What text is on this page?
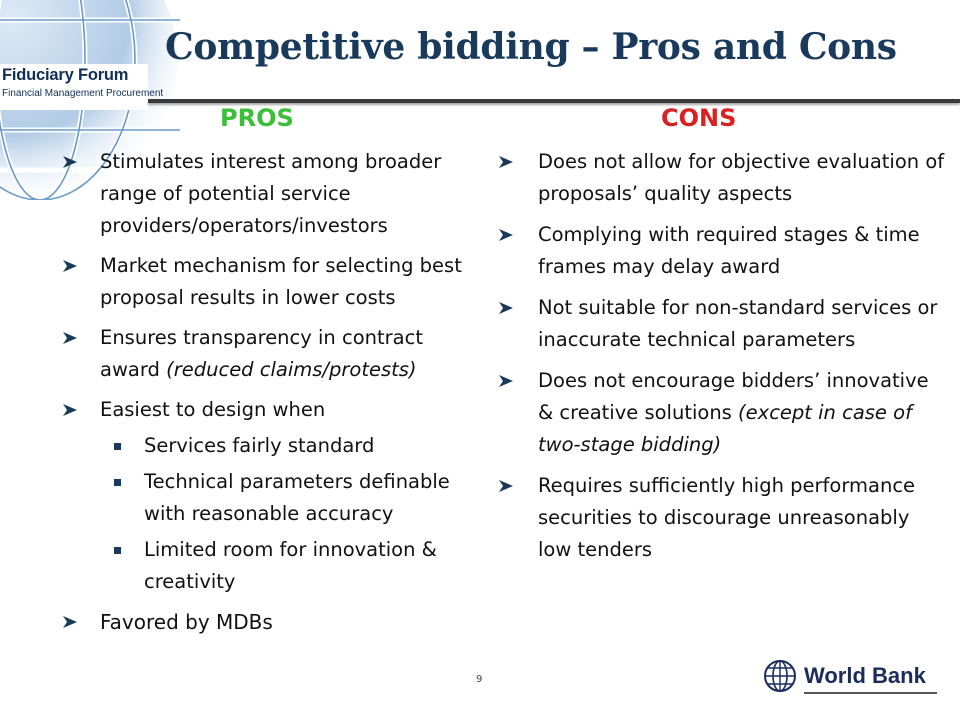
Fiduciary Forum
Financial Management Procurement
Competitive bidding – Pros and Cons
PROS	CONS
Stimulates interest among broader range of potential service providers/operators/investors
Market mechanism for selecting best proposal results in lower costs
Ensures transparency in contract award (reduced claims/protests)
Easiest to design when
Services fairly standard
Technical parameters definable with reasonable accuracy
Limited room for innovation & creativity
Favored by MDBs
Does not allow for objective evaluation of proposals’ quality aspects
Complying with required stages & time frames may delay award
Not suitable for non-standard services or inaccurate technical parameters
Does not encourage bidders’ innovative & creative solutions (except in case of two-stage bidding)
Requires sufficiently high performance securities to discourage unreasonably low tenders
9	World Bank
